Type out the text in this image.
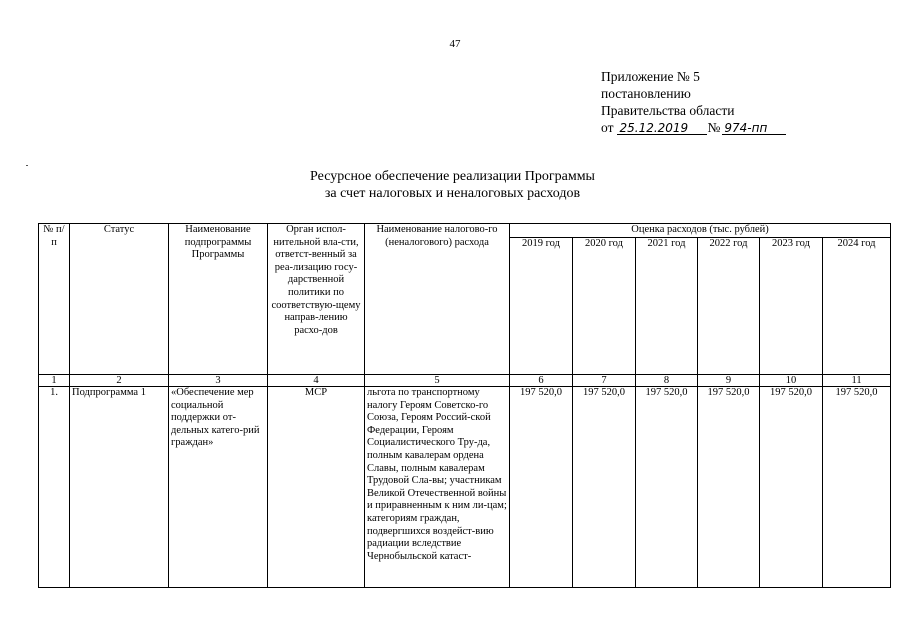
47
Приложение № 5
постановлению
Правительства области
от 25.12.2019 № 974-пп
Ресурсное обеспечение реализации Программы
за счет налоговых и неналоговых расходов
№ п/п	Статус	Наименование подпрограммы Программы	Орган испол-нительной вла-сти, ответст-венный за реа-лизацию госу-дарственной политики по соответствую-щему направ-лению расхо-дов	Наименование налогово-го (неналогового) расхода	Оценка расходов (тыс. рублей)					
					2019 год	2020 год	2021 год	2022 год	2023 год	2024 год
1	2	3	4	5	6	7	8	9	10	11
1.	Подпрограмма 1	«Обеспечение мер социальной поддержки от-дельных катего-рий граждан»	МСР	льгота по транспортному налогу Героям Советско-го Союза, Героям Россий-ской Федерации, Героям Социалистического Тру-да, полным кавалерам ордена Славы, полным кавалерам Трудовой Сла-вы; участникам Великой Отечественной войны и приравненным к ним ли-цам; категориям граждан, подвергшихся воздейст-вию радиации вследствие Чернобыльской катаст-	197 520,0	197 520,0	197 520,0	197 520,0	197 520,0	197 520,0
